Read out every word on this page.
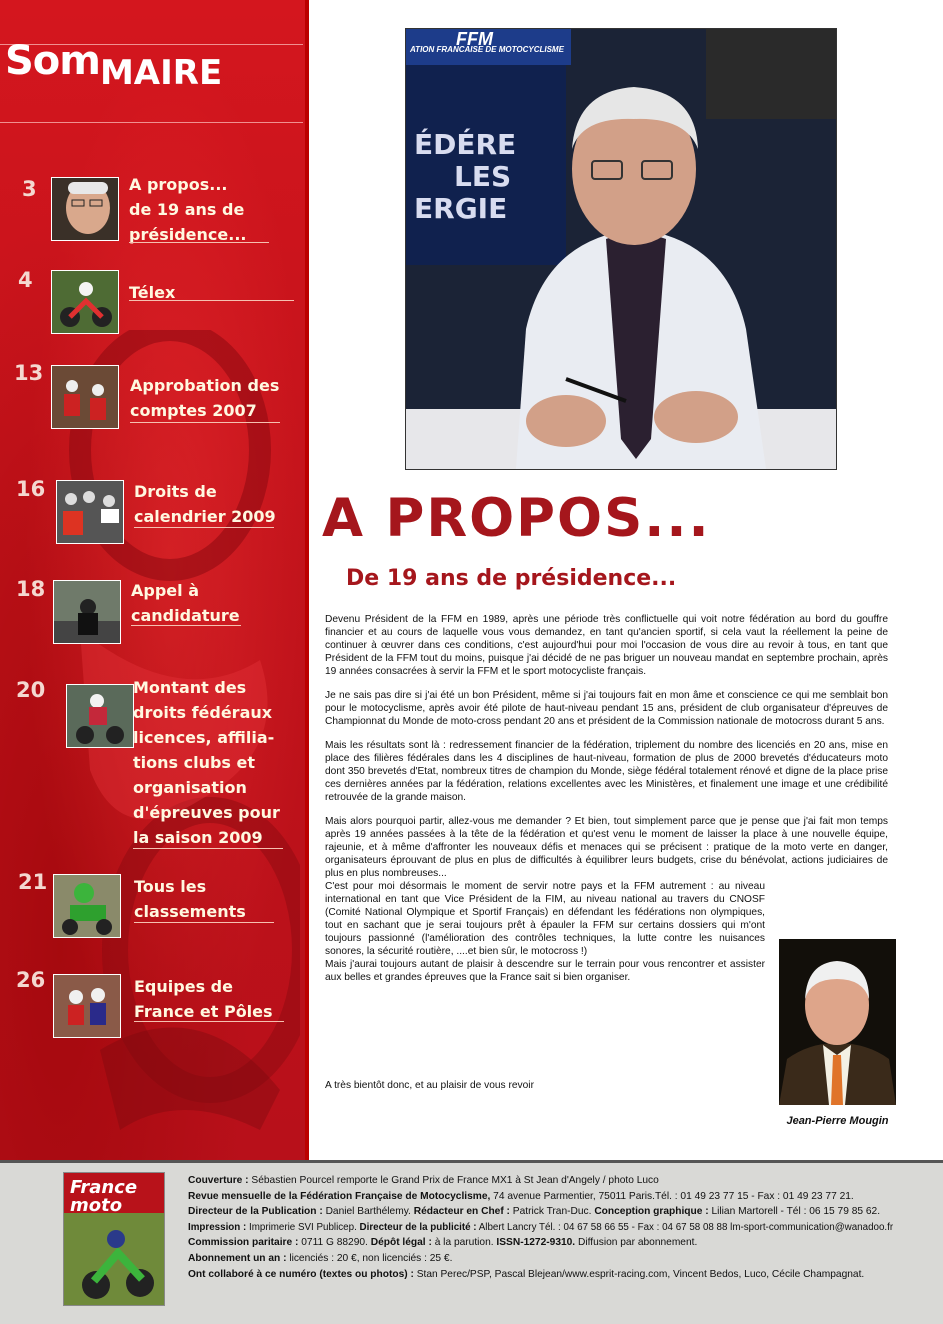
SomMAIRE
3	A propos...
de 19 ans de
présidence...
4
Télex
13
Approbation des
comptes 2007
16	Droits de
calendrier 2009
18	Appel à
candidature
20	Montant des
droits fédéraux
licences, affilia-
tions clubs et
organisation
d'épreuves pour
la saison 2009
21	Tous les
classements
26	Equipes de
France et Pôles
ATION FRANCAISE DE MOTOCYCLISME
FFM
ÉDÉRE
LES
ERGIE
A PROPOS...
De 19 ans de présidence...

Devenu Président de la FFM en 1989, après une période très conflictuelle qui voit notre fédération au bord du gouffre financier et au cours de laquelle vous vous demandez, en tant qu'ancien sportif, si cela vaut la réellement la peine de continuer à œuvrer dans ces conditions, c'est aujourd'hui pour moi l'occasion de vous dire au revoir à tous, en tant que Président de la FFM tout du moins, puisque j'ai décidé de ne pas briguer un nouveau mandat en septembre prochain, après 19 années consacrées à servir la FFM et le sport motocycliste français.

Je ne sais pas dire si j'ai été un bon Président, même si j'ai toujours fait en mon âme et conscience ce qui me semblait bon pour le motocyclisme, après avoir été pilote de haut-niveau pendant 15 ans, président de club organisateur d'épreuves de Championnat du Monde de moto-cross pendant 20 ans et président de la Commission nationale de motocross durant 5 ans.

Mais les résultats sont là : redressement financier de la fédération, triplement du nombre des licenciés en 20 ans, mise en place des filières fédérales dans les 4 disciplines de haut-niveau, formation de plus de 2000 brevetés d'éducateurs moto dont 350 brevetés d'Etat, nombreux titres de champion du Monde, siège fédéral totalement rénové et digne de la place prise ces dernières années par la fédération, relations excellentes avec les Ministères, et finalement une image et une crédibilité retrouvée de la grande maison.

Mais alors pourquoi partir, allez-vous me demander ? Et bien, tout simplement parce que je pense que j'ai fait mon temps après 19 années passées à la tête de la fédération et qu'est venu le moment de laisser la place à une nouvelle équipe, rajeunie, et à même d'affronter les nouveaux défis et menaces qui se précisent : pratique de la moto verte en danger, organisateurs éprouvant de plus en plus de difficultés à équilibrer leurs budgets, crise du bénévolat, actions judiciaires de plus en plus nombreuses...

C'est pour moi désormais le moment de servir notre pays et la FFM autrement : au niveau international en tant que Vice Président de la FIM, au niveau national au travers du CNOSF (Comité National Olympique et Sportif Français) en défendant les fédérations non olympiques, tout en sachant que je serai toujours prêt à épauler la FFM sur certains dossiers qui m'ont toujours passionné (l'amélioration des contrôles techniques, la lutte contre les nuisances sonores, la sécurité routière, ....et bien sûr, le motocross !)

Mais j'aurai toujours autant de plaisir à descendre sur le terrain pour vous rencontrer et assister aux belles et grandes épreuves que la France sait si bien organiser.

A très bientôt donc, et au plaisir de vous revoir
Jean-Pierre Mougin
France moto
Couverture : Sébastien Pourcel remporte le Grand Prix de France MX1 à St Jean d'Angely / photo Luco
Revue mensuelle de la Fédération Française de Motocyclisme, 74 avenue Parmentier, 75011 Paris.Tél. : 01 49 23 77 15 - Fax : 01 49 23 77 21.
Directeur de la Publication : Daniel Barthélemy. Rédacteur en Chef : Patrick Tran-Duc. Conception graphique : Lilian Martorell - Tél : 06 15 79 85 62.
Impression : Imprimerie SVI Publicep. Directeur de la publicité : Albert Lancry Tél. : 04 67 58 66 55 - Fax : 04 67 58 08 88 lm-sport-communication@wanadoo.fr
Commission paritaire : 0711 G 88290. Dépôt légal : à la parution. ISSN-1272-9310. Diffusion par abonnement.
Abonnement un an : licenciés : 20 €, non licenciés : 25 €.
Ont collaboré à ce numéro (textes ou photos) : Stan Perec/PSP, Pascal Blejean/www.esprit-racing.com, Vincent Bedos, Luco, Cécile Champagnat.
